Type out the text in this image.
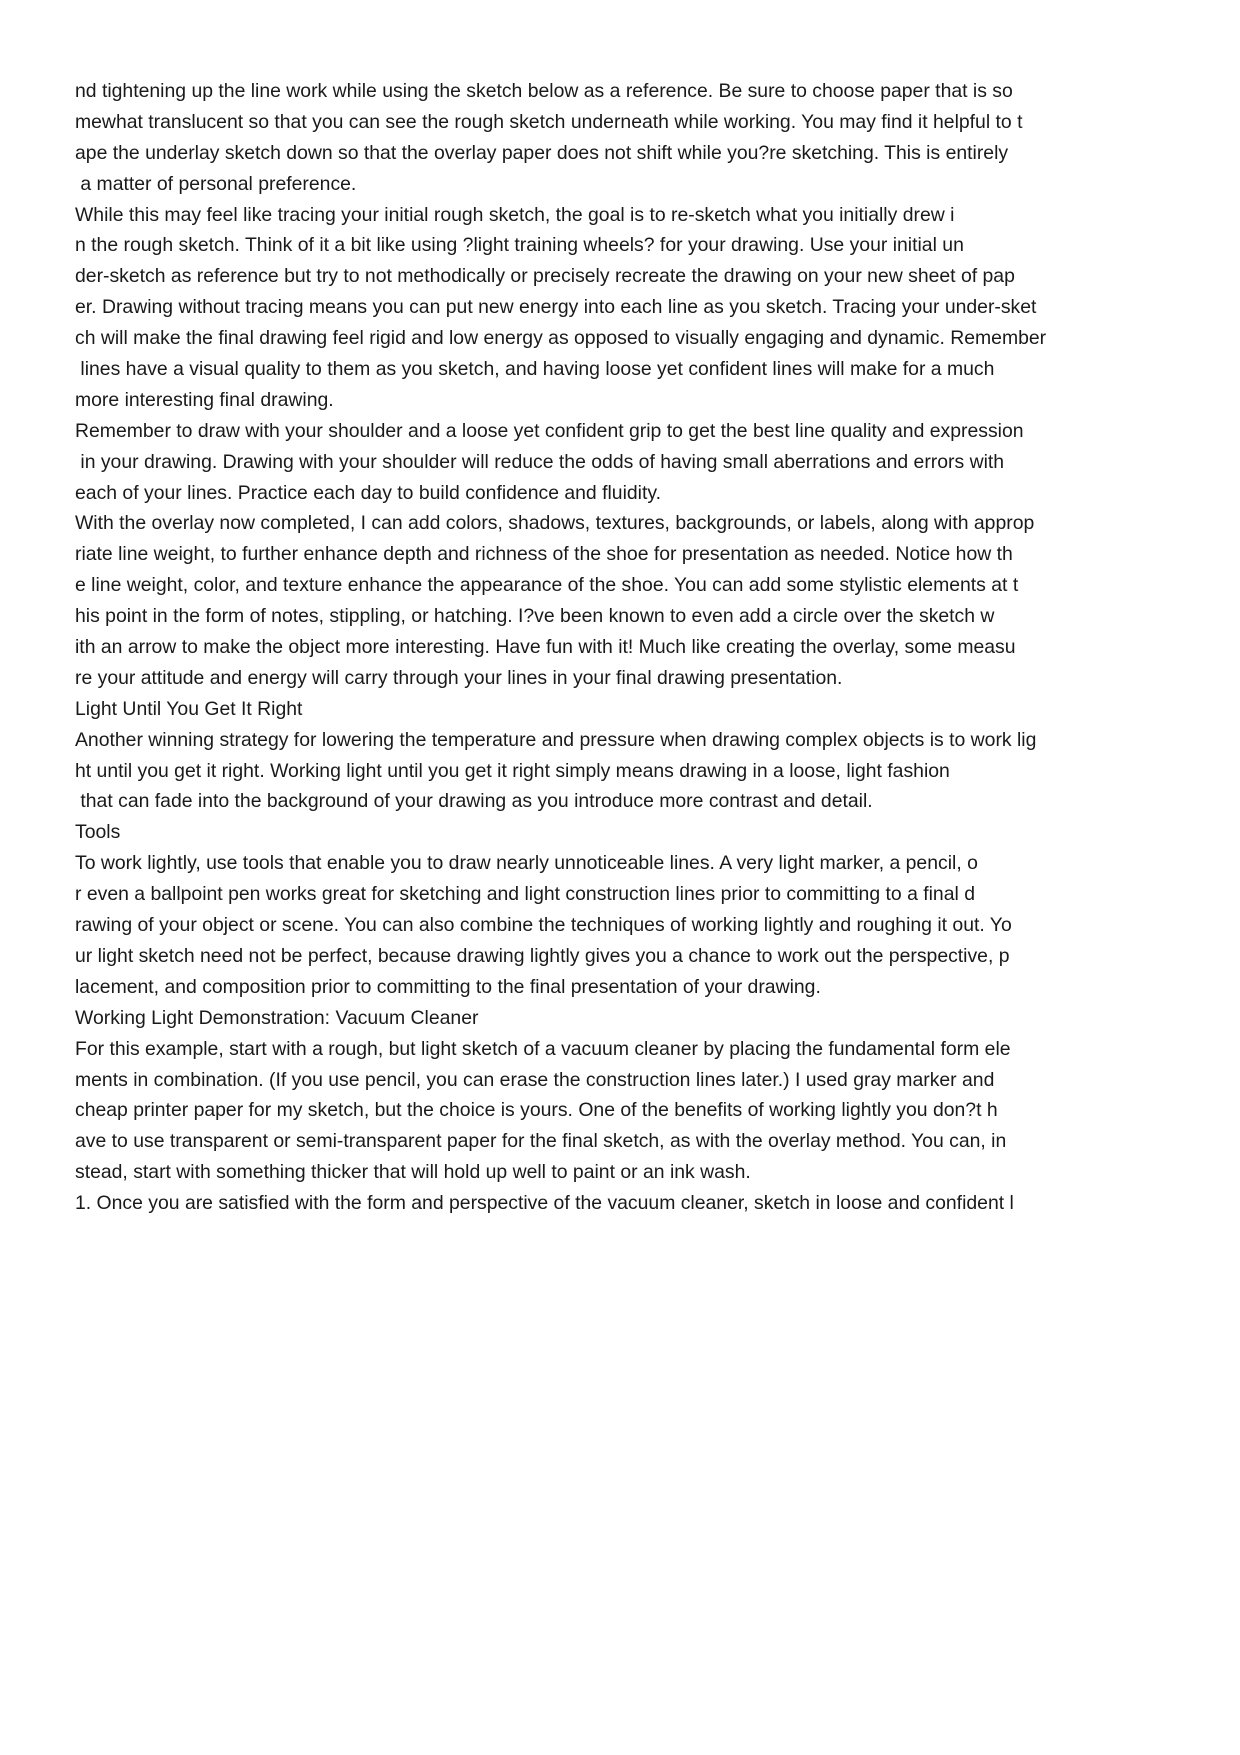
nd tightening up the line work while using the sketch below as a reference. Be sure to choose paper that is so
mewhat translucent so that you can see the rough sketch underneath while working. You may find it helpful to t
ape the underlay sketch down so that the overlay paper does not shift while you?re sketching. This is entirely
a matter of personal preference.
While this may feel like tracing your initial rough sketch, the goal is to re-sketch what you initially drew i
n the rough sketch. Think of it a bit like using ?light training wheels? for your drawing. Use your initial un
der-sketch as reference but try to not methodically or precisely recreate the drawing on your new sheet of pap
er. Drawing without tracing means you can put new energy into each line as you sketch. Tracing your under-sket
ch will make the final drawing feel rigid and low energy as opposed to visually engaging and dynamic. Remember
lines have a visual quality to them as you sketch, and having loose yet confident lines will make for a much
more interesting final drawing.
Remember to draw with your shoulder and a loose yet confident grip to get the best line quality and expression
in your drawing. Drawing with your shoulder will reduce the odds of having small aberrations and errors with
each of your lines. Practice each day to build confidence and fluidity.
With the overlay now completed, I can add colors, shadows, textures, backgrounds, or labels, along with approp
riate line weight, to further enhance depth and richness of the shoe for presentation as needed. Notice how th
e line weight, color, and texture enhance the appearance of the shoe. You can add some stylistic elements at t
his point in the form of notes, stippling, or hatching. I?ve been known to even add a circle over the sketch w
ith an arrow to make the object more interesting. Have fun with it! Much like creating the overlay, some measu
re your attitude and energy will carry through your lines in your final drawing presentation.
Light Until You Get It Right
Another winning strategy for lowering the temperature and pressure when drawing complex objects is to work lig
ht until you get it right. Working light until you get it right simply means drawing in a loose, light fashion
that can fade into the background of your drawing as you introduce more contrast and detail.
Tools
To work lightly, use tools that enable you to draw nearly unnoticeable lines. A very light marker, a pencil, o
r even a ballpoint pen works great for sketching and light construction lines prior to committing to a final d
rawing of your object or scene. You can also combine the techniques of working lightly and roughing it out. Yo
ur light sketch need not be perfect, because drawing lightly gives you a chance to work out the perspective, p
lacement, and composition prior to committing to the final presentation of your drawing.
Working Light Demonstration: Vacuum Cleaner
For this example, start with a rough, but light sketch of a vacuum cleaner by placing the fundamental form ele
ments in combination. (If you use pencil, you can erase the construction lines later.) I used gray marker and
cheap printer paper for my sketch, but the choice is yours. One of the benefits of working lightly you don?t h
ave to use transparent or semi-transparent paper for the final sketch, as with the overlay method. You can, in
stead, start with something thicker that will hold up well to paint or an ink wash.
1. Once you are satisfied with the form and perspective of the vacuum cleaner, sketch in loose and confident l
